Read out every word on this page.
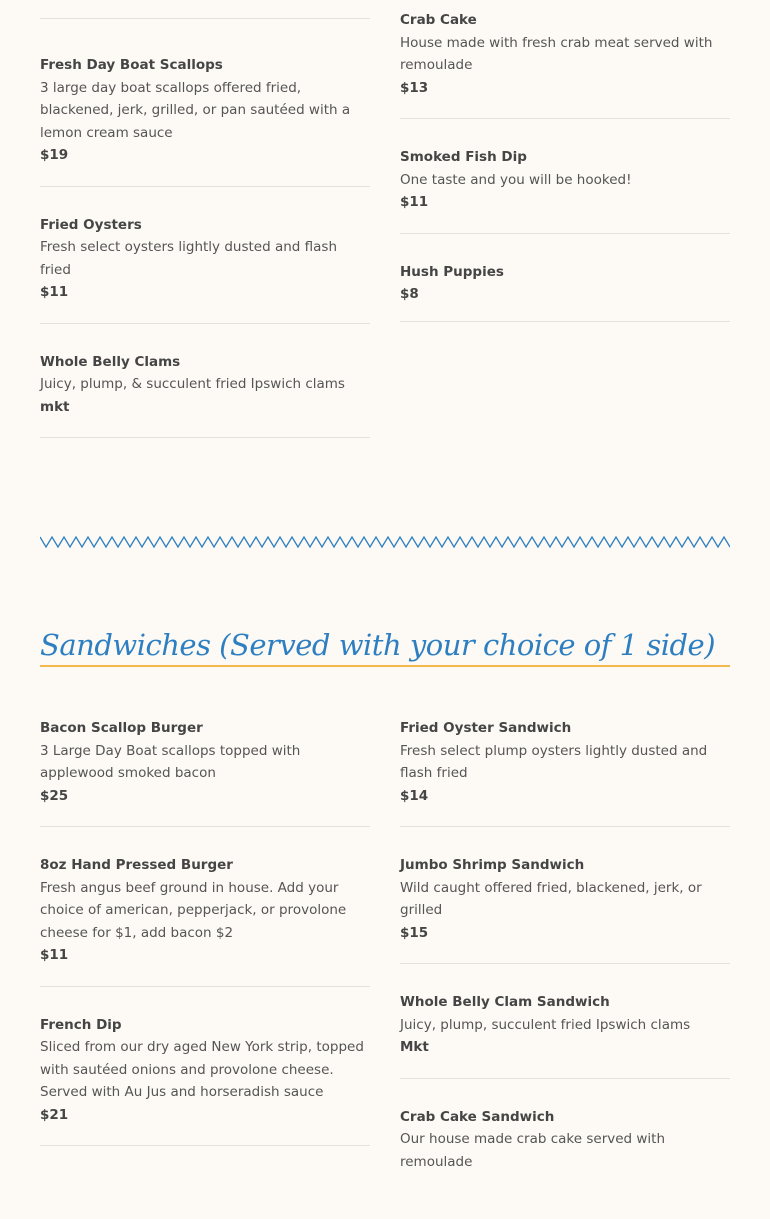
Fresh Day Boat Scallops

3 large day boat scallops offered fried, blackened, jerk, grilled, or pan sautéed with a lemon cream sauce

$19

Fried Oysters

Fresh select oysters lightly dusted and flash fried

$11

Whole Belly Clams

Juicy, plump, & succulent fried Ipswich clams

mkt

Crab Cake

House made with fresh crab meat served with remoulade

$13

Smoked Fish Dip

One taste and you will be hooked!

$11

Hush Puppies

$8

Sandwiches (Served with your choice of 1 side)

Bacon Scallop Burger

3 Large Day Boat scallops topped with applewood smoked bacon

$25

8oz Hand Pressed Burger

Fresh angus beef ground in house. Add your choice of american, pepperjack, or provolone cheese for $1, add bacon $2

$11

French Dip

Sliced from our dry aged New York strip, topped with sautéed onions and provolone cheese. Served with Au Jus and horseradish sauce

$21

Fried Oyster Sandwich

Fresh select plump oysters lightly dusted and flash fried

$14

Jumbo Shrimp Sandwich

Wild caught offered fried, blackened, jerk, or grilled

$15

Whole Belly Clam Sandwich

Juicy, plump, succulent fried Ipswich clams

Mkt

Crab Cake Sandwich

Our house made crab cake served with remoulade
